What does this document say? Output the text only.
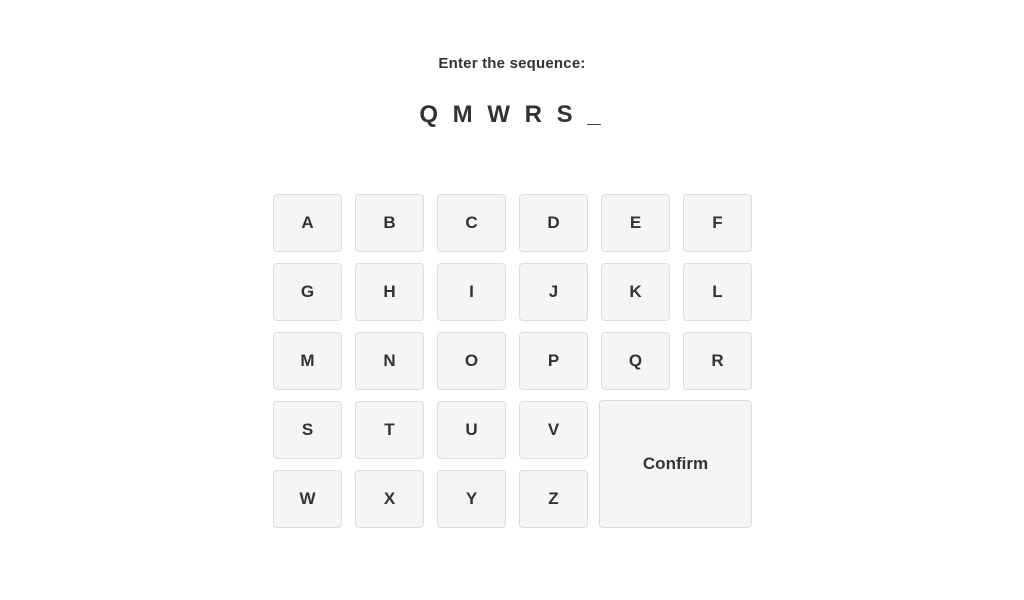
Enter the sequence:
Q M W R S _
A	B	C	D	E	F
G	H	I	J	K	L
M	N	O	P	Q	R
S	T	U	V
W	X	Y	Z
Confirm
